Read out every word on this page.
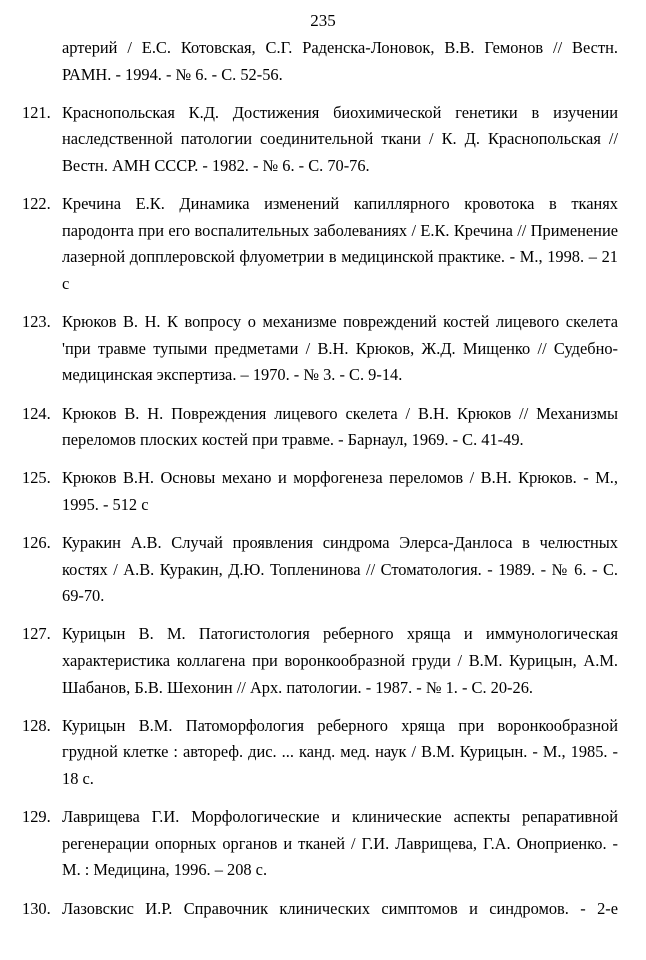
235
артерий / Е.С. Котовская, С.Г. Раденска-Лоновок, В.В. Гемонов // Вестн. РАМН. - 1994. - № 6. - С. 52-56.
121. Краснопольская К.Д. Достижения биохимической генетики в изучении наследственной патологии соединительной ткани / К. Д. Краснопольская // Вестн. АМН СССР. - 1982. - № 6. - С. 70-76.
122. Кречина Е.К. Динамика изменений капиллярного кровотока в тканях пародонта при его воспалительных заболеваниях / Е.К. Кречина // Применение лазерной допплеровской флуометрии в медицинской практике. - М., 1998. – 21 с
123. Крюков В. Н. К вопросу о механизме повреждений костей лицевого скелета 'при травме тупыми предметами / В.Н. Крюков, Ж.Д. Мищенко // Судебно-медицинская экспертиза. – 1970. - № 3. - С. 9-14.
124. Крюков В. Н. Повреждения лицевого скелета / В.Н. Крюков // Механизмы переломов плоских костей при травме. - Барнаул, 1969. - С. 41-49.
125. Крюков В.Н. Основы механо и морфогенеза переломов / В.Н. Крюков. - М., 1995. - 512 с
126. Куракин А.В. Случай проявления синдрома Элерса-Данлоса в челюстных костях / А.В. Куракин, Д.Ю. Топленинова // Стоматология. - 1989. - № 6. - С. 69-70.
127. Курицын В. М. Патогистология реберного хряща и иммунологическая характеристика коллагена при воронкообразной груди / В.М. Курицын, А.М. Шабанов, Б.В. Шехонин // Арх. патологии. - 1987. - № 1. - С. 20-26.
128. Курицын В.М. Патоморфология реберного хряща при воронкообразной грудной клетке : автореф. дис. ... канд. мед. наук / В.М. Курицын. - М., 1985. - 18 с.
129. Лаврищева Г.И. Морфологические и клинические аспекты репаративной регенерации опорных органов и тканей / Г.И. Лаврищева, Г.А. Оноприенко. - М. : Медицина, 1996. – 208 с.
130. Лазовскис И.Р. Справочник клинических симптомов и синдромов. - 2-е
